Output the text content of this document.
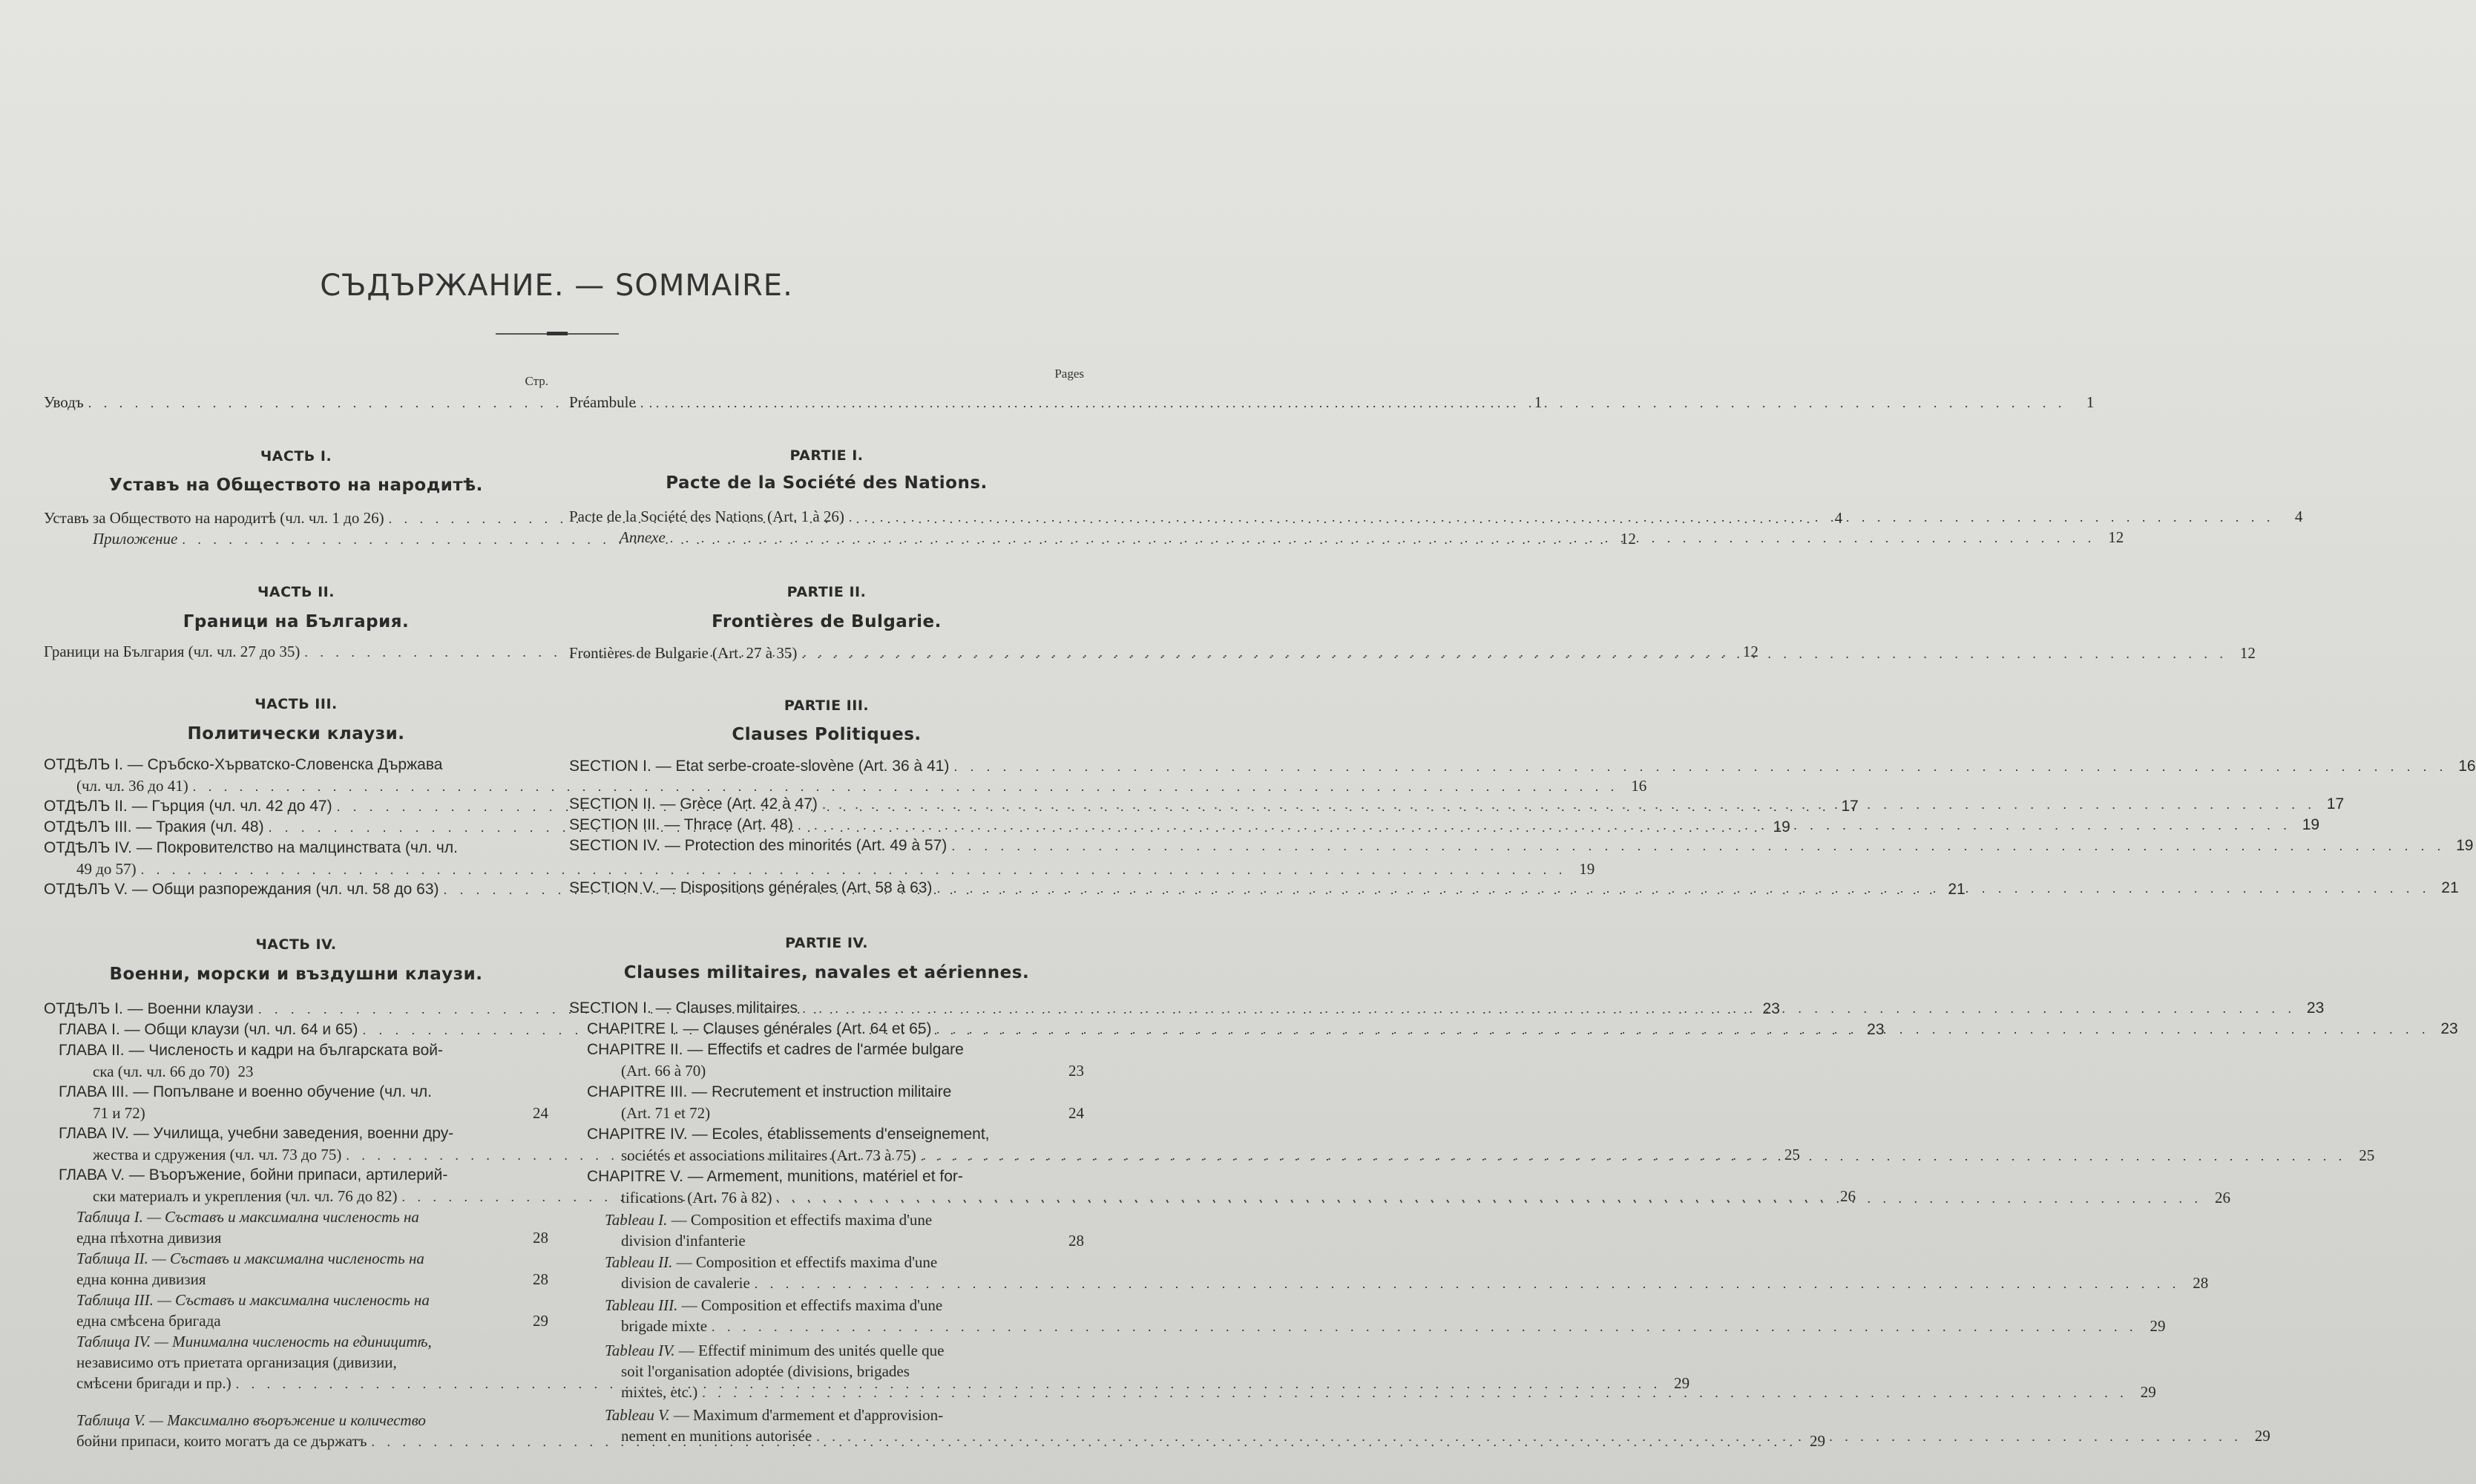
СЪДЪРЖАНИЕ. — SOMMAIRE.
Стр.
Уводъ . . .	1
ЧАСТЬ I.
Уставъ на Обществото на народитѣ.
Уставъ за Обществото на народитѣ (чл. чл. 1 до 26) . . .	4
Приложение . . .	12
ЧАСТЬ II.
Граници на България.
Граници на България (чл. чл. 27 до 35) . . .	12
ЧАСТЬ III.
Политически клаузи.
ОТДѢЛЪ I. — Сръбско-Хърватско-Словенска Държава
(чл. чл. 36 до 41) . . .	16
ОТДѢЛЪ II. — Гърция (чл. чл. 42 до 47) . . .	17
ОТДѢЛЪ III. — Тракия (чл. 48) . . .	19
ОТДѢЛЪ IV. — Покровителство на малцинствата (чл. чл.
49 до 57) . . .	19
ОТДѢЛЪ V. — Общи разпореждания (чл. чл. 58 до 63) . . .	21
ЧАСТЬ IV.
Военни, морски и въздушни клаузи.
ОТДѢЛЪ I. — Военни клаузи . . .	23
ГЛАВА I. — Общи клаузи (чл. чл. 64 и 65) . . .	23
ГЛАВА II. — Численость и кадри на българската вой-
ска (чл. чл. 66 до 70) 23
ГЛАВА III. — Попълване и военно обучение (чл. чл.
71 и 72)	24
ГЛАВА IV. — Училища, учебни заведения, военни дру-
жества и сдружения (чл. чл. 73 до 75) . . .	25
ГЛАВА V. — Въоръжение, бойни припаси, артилерий-
ски материалъ и укрепления (чл. чл. 76 до 82) . . .	26
Таблица I. — Съставъ и максимална численость на
една пѣхотна дивизия	28
Таблица II. — Съставъ и максимална численость на
една конна дивизия	28
Таблица III. — Съставъ и максимална численость на
една смѣсена бригада	29
Таблица IV. — Минимална численость на единицитѣ,
независимо отъ приетата организация (дивизии,
смѣсени бригади и пр.) . . .	29
Таблица V. — Максимално въоръжение и количество
бойни припаси, които могатъ да се държатъ . . .	29
Pages
Préambule . . .	1
PARTIE I.
Pacte de la Société des Nations.
Pacte de la Société des Nations (Art. 1 à 26) . . .	4
Annexe . . .	12
PARTIE II.
Frontières de Bulgarie.
Frontières de Bulgarie (Art. 27 à 35) . . .	12
PARTIE III.
Clauses Politiques.
SECTION I. — Etat serbe-croate-slovène (Art. 36 à 41) . . .	16
SECTION II. — Grèce (Art. 42 à 47) . . .	17
SECTION III. — Thrace (Art. 48) . . .	19
SECTION IV. — Protection des minorités (Art. 49 à 57) . . .	19
SECTION V. — Dispositions générales (Art. 58 à 63) . . .	21
PARTIE IV.
Clauses militaires, navales et aériennes.
SECTION I. — Clauses militaires . . .	23
CHAPITRE I. — Clauses générales (Art. 64 et 65) . . .	23
CHAPITRE II. — Effectifs et cadres de l'armée bulgare
(Art. 66 à 70)	23
CHAPITRE III. — Recrutement et instruction militaire
(Art. 71 et 72)	24
CHAPITRE IV. — Ecoles, établissements d'enseignement,
sociétés et associations militaires (Art. 73 à 75) . . .	25
CHAPITRE V. — Armement, munitions, matériel et for-
tifications (Art. 76 à 82) . . .	26
Tableau I. — Composition et effectifs maxima d'une
division d'infanterie	28
Tableau II. — Composition et effectifs maxima d'une
division de cavalerie . . .	28
Tableau III. — Composition et effectifs maxima d'une
brigade mixte . . .	29
Tableau IV. — Effectif minimum des unités quelle que
soit l'organisation adoptée (divisions, brigades
mixtes, etc.) . . .	29
Tableau V. — Maximum d'armement et d'approvision-
nement en munitions autorisée . . .	29
